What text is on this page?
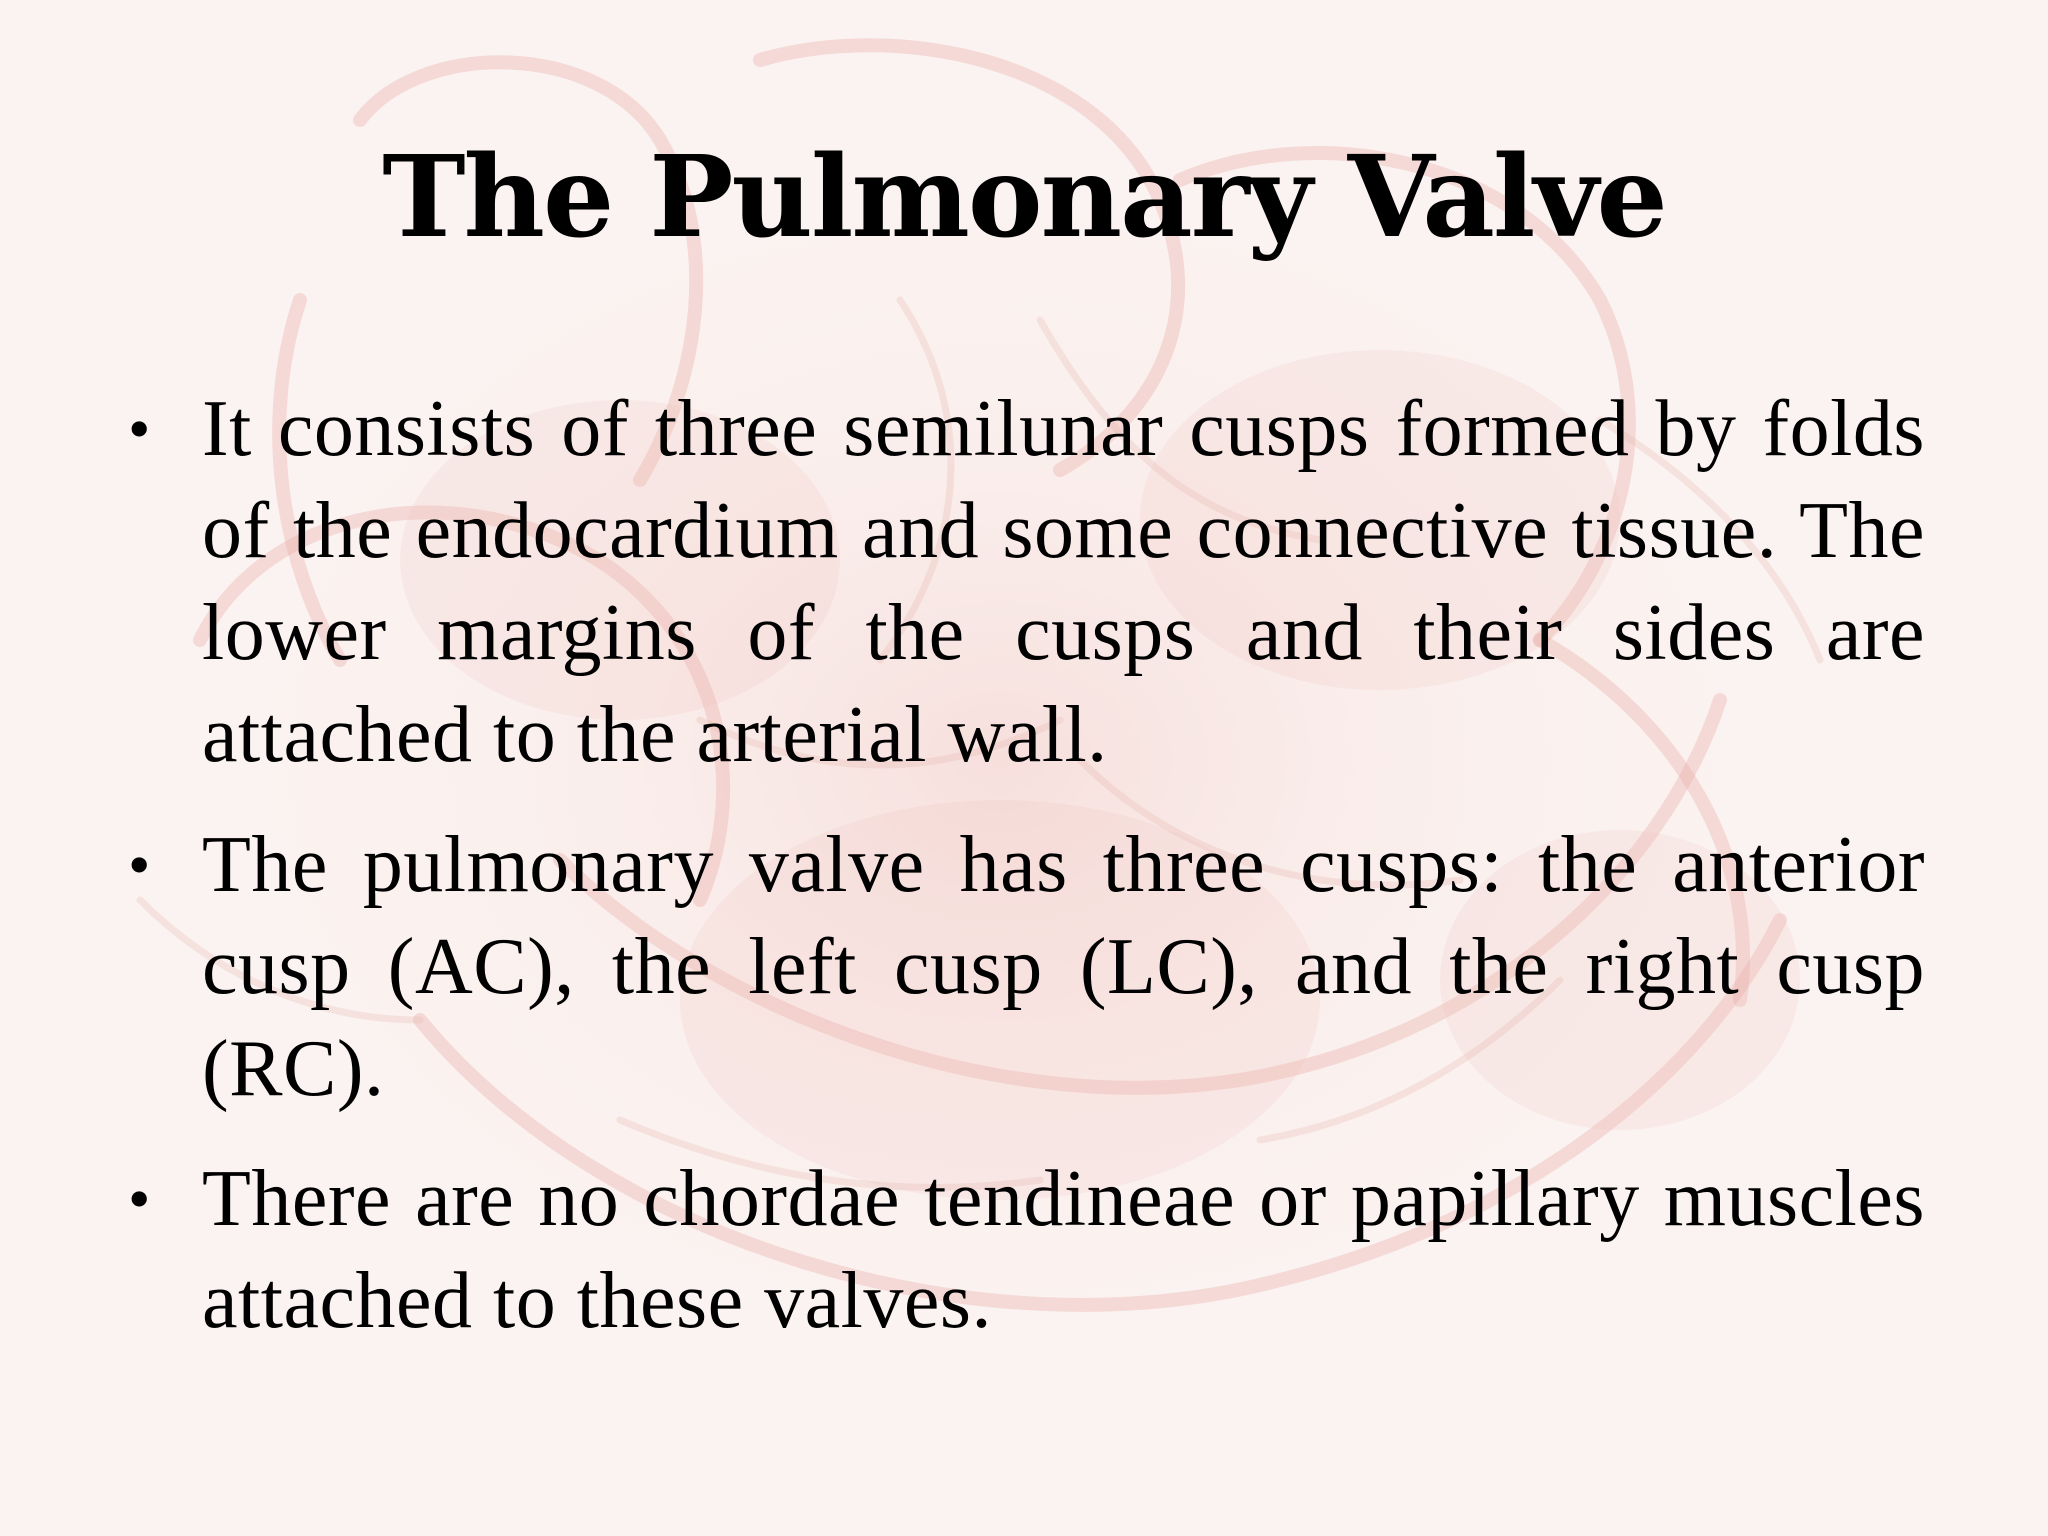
The Pulmonary Valve
• It consists of three semilunar cusps formed by folds of the endocardium and some connective tissue. The lower margins of the cusps and their sides are attached to the arterial wall.
• The pulmonary valve has three cusps: the anterior cusp (AC), the left cusp (LC), and the right cusp (RC).
• There are no chordae tendineae or papillary muscles attached to these valves.
